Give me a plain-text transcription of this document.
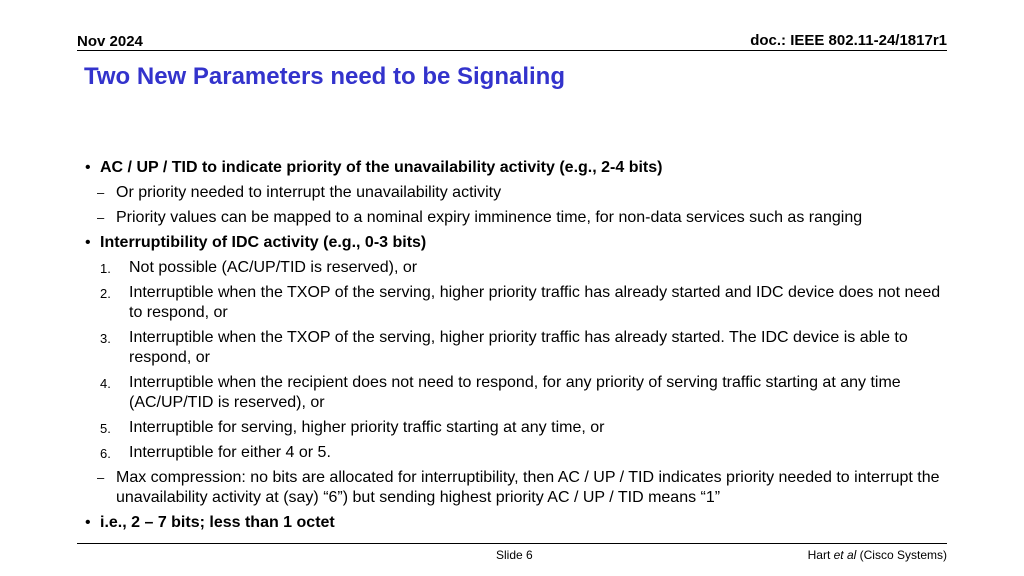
Nov 2024	doc.: IEEE 802.11-24/1817r1
Two New Parameters need to be Signaling
• AC / UP / TID to indicate priority of the unavailability activity (e.g., 2-4 bits)
– Or priority needed to interrupt the unavailability activity
– Priority values can be mapped to a nominal expiry imminence time, for non-data services such as ranging
• Interruptibility of IDC activity (e.g., 0-3 bits)
1. Not possible (AC/UP/TID is reserved), or
2. Interruptible when the TXOP of the serving, higher priority traffic has already started and IDC device does not need to respond, or
3. Interruptible when the TXOP of the serving, higher priority traffic has already started. The IDC device is able to respond, or
4. Interruptible when the recipient does not need to respond, for any priority of serving traffic starting at any time (AC/UP/TID is reserved), or
5. Interruptible for serving, higher priority traffic starting at any time, or
6. Interruptible for either 4 or 5.
– Max compression: no bits are allocated for interruptibility, then AC / UP / TID indicates priority needed to interrupt the unavailability activity at (say) “6”) but sending highest priority AC / UP / TID means “1”
• i.e., 2 – 7 bits; less than 1 octet
Slide 6	Hart et al (Cisco Systems)
